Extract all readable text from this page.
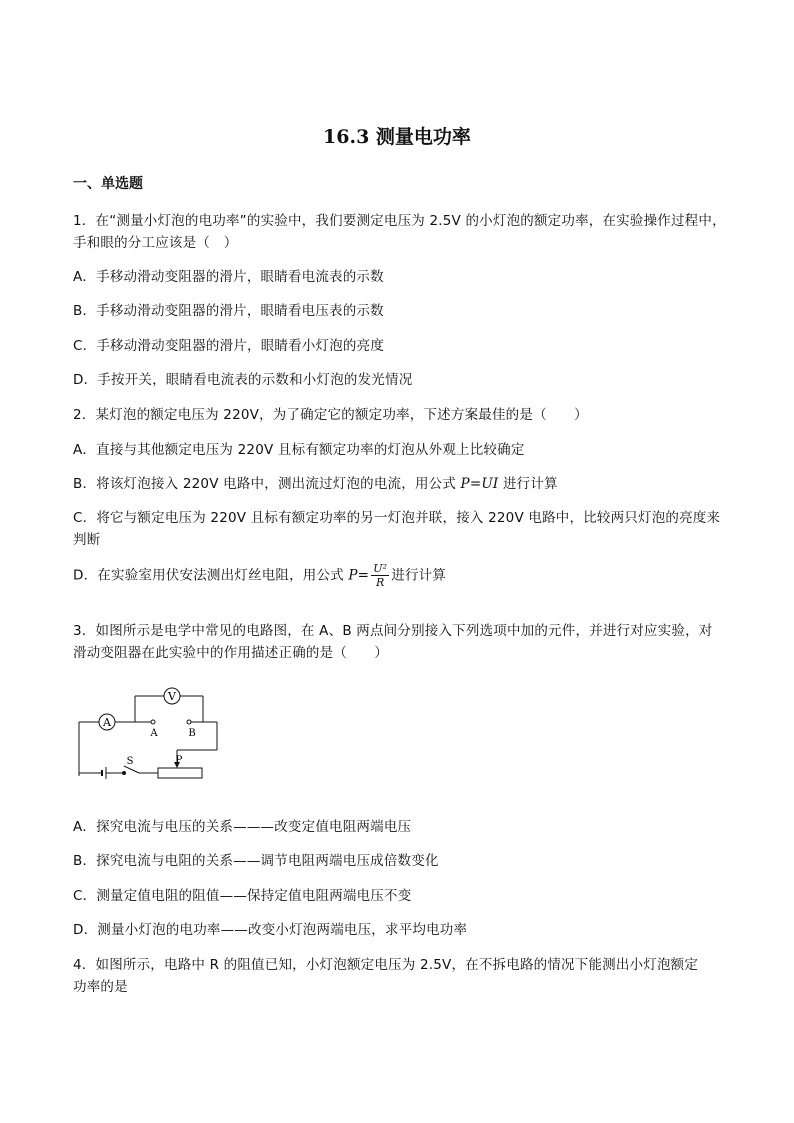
16.3 测量电功率
一、单选题
1．在“测量小灯泡的电功率”的实验中，我们要测定电压为 2.5V 的小灯泡的额定功率，在实验操作过程中，
手和眼的分工应该是（　）
A．手移动滑动变阻器的滑片，眼睛看电流表的示数
B．手移动滑动变阻器的滑片，眼睛看电压表的示数
C．手移动滑动变阻器的滑片，眼睛看小灯泡的亮度
D．手按开关，眼睛看电流表的示数和小灯泡的发光情况
2．某灯泡的额定电压为 220V，为了确定它的额定功率，下述方案最佳的是（　　）
A．直接与其他额定电压为 220V 且标有额定功率的灯泡从外观上比较确定
B．将该灯泡接入 220V 电路中，测出流过灯泡的电流，用公式 P=UI 进行计算
C．将它与额定电压为 220V 且标有额定功率的另一灯泡并联，接入 220V 电路中，比较两只灯泡的亮度来
判断
D．在实验室用伏安法测出灯丝电阻，用公式 $P= \frac{\text{U²}}{R}$ 进行计算
3．如图所示是电学中常见的电路图，在 A、B 两点间分别接入下列选项中加的元件，并进行对应实验，对
滑动变阻器在此实验中的作用描述正确的是（　　）
A
V
A	B
S	P
A．探究电流与电压的关系———改变定值电阻两端电压
B．探究电流与电阻的关系——调节电阻两端电压成倍数变化
C．测量定值电阻的阻值——保持定值电阻两端电压不变
D．测量小灯泡的电功率——改变小灯泡两端电压，求平均电功率
4．如图所示，电路中 R 的阻值已知，小灯泡额定电压为 2.5V，在不拆电路的情况下能测出小灯泡额定
功率的是
